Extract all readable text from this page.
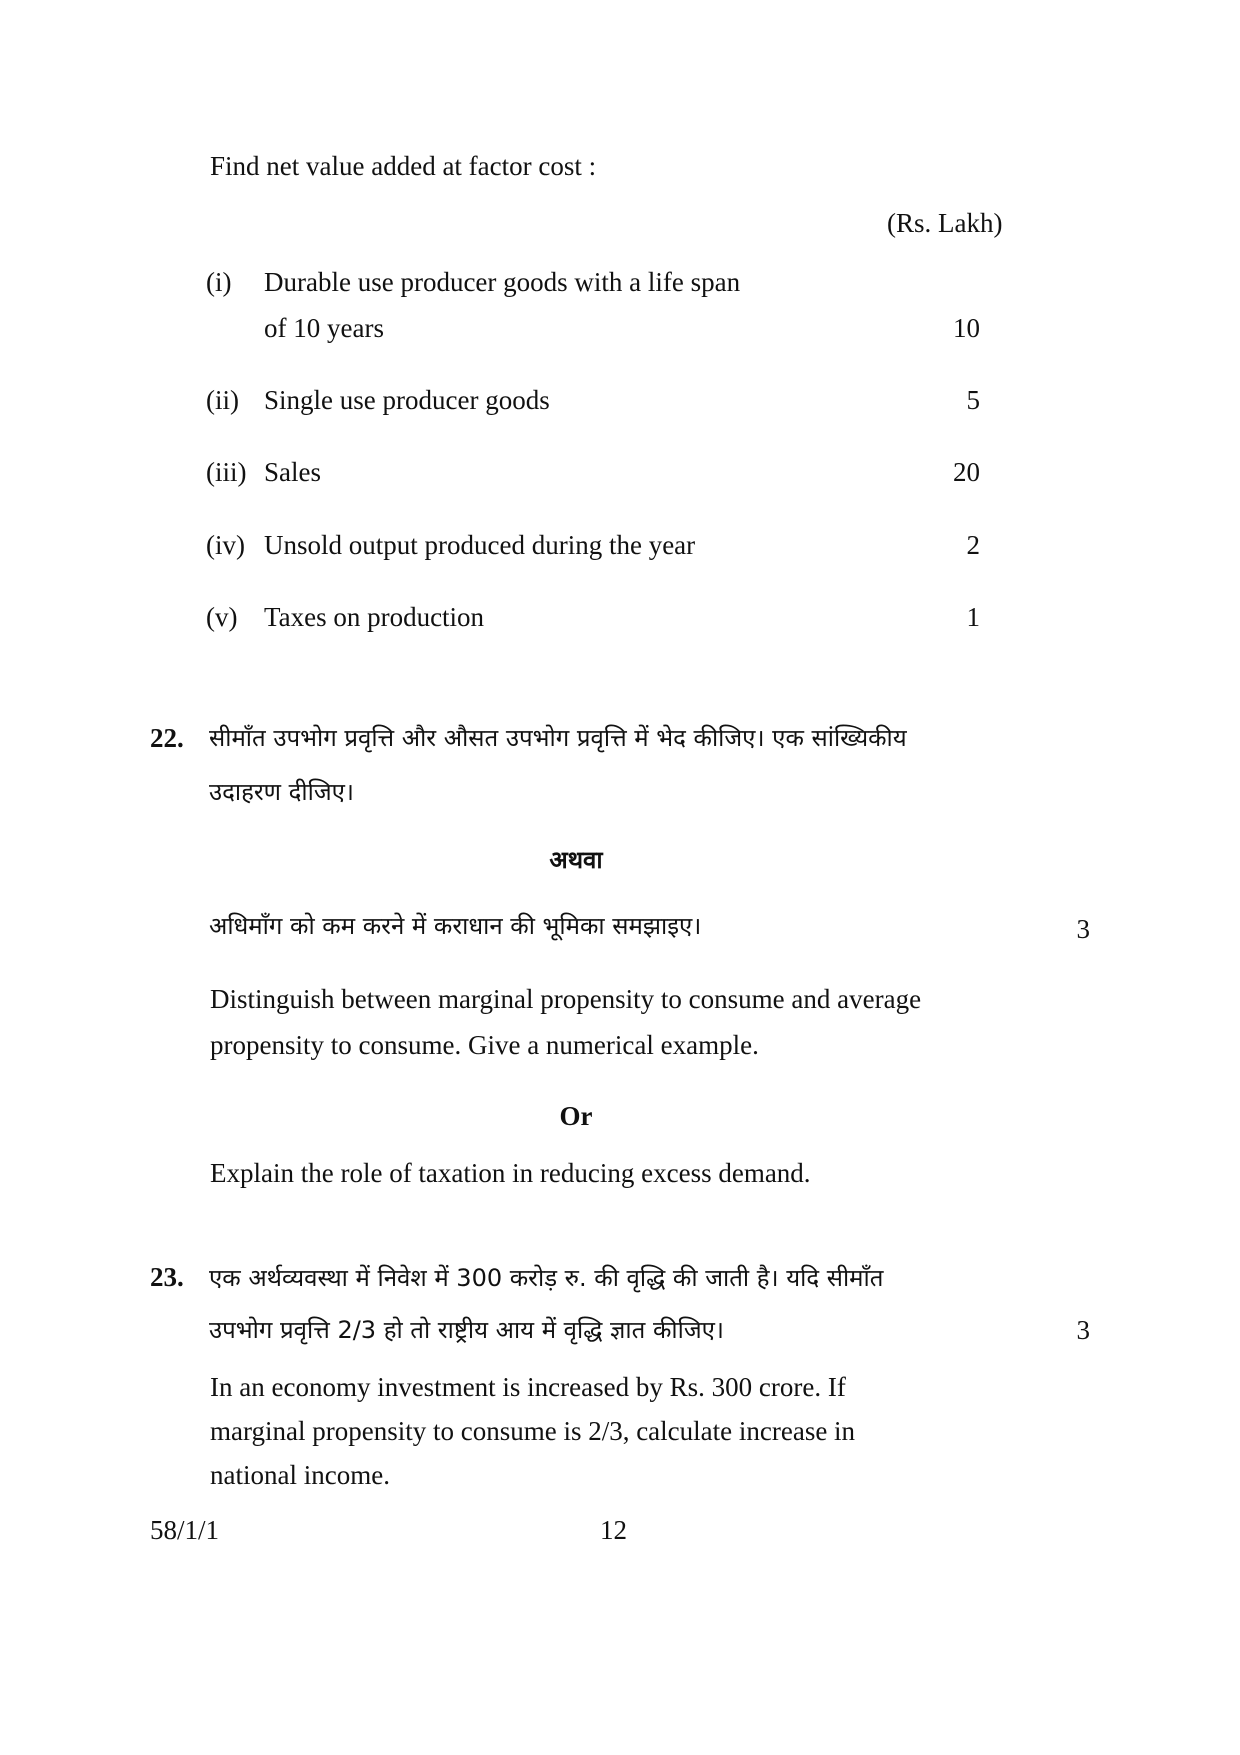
Find net value added at factor cost :
(Rs. Lakh)
(i) Durable use producer goods with a life span
of 10 years	10
(ii) Single use producer goods	5
(iii) Sales	20
(iv) Unsold output produced during the year	2
(v) Taxes on production	1
22. सीमाँत उपभोग प्रवृत्ति और औसत उपभोग प्रवृत्ति में भेद कीजिए। एक सांख्यिकीय
उदाहरण दीजिए।
अथवा
अधिमाँग को कम करने में कराधान की भूमिका समझाइए।	3
Distinguish between marginal propensity to consume and average
propensity to consume. Give a numerical example.
Or
Explain the role of taxation in reducing excess demand.
23. एक अर्थव्यवस्था में निवेश में 300 करोड़ रु. की वृद्धि की जाती है। यदि सीमाँत
उपभोग प्रवृत्ति 2/3 हो तो राष्ट्रीय आय में वृद्धि ज्ञात कीजिए।	3
In an economy investment is increased by Rs. 300 crore. If
marginal propensity to consume is 2/3, calculate increase in
national income.
58/1/1	12
